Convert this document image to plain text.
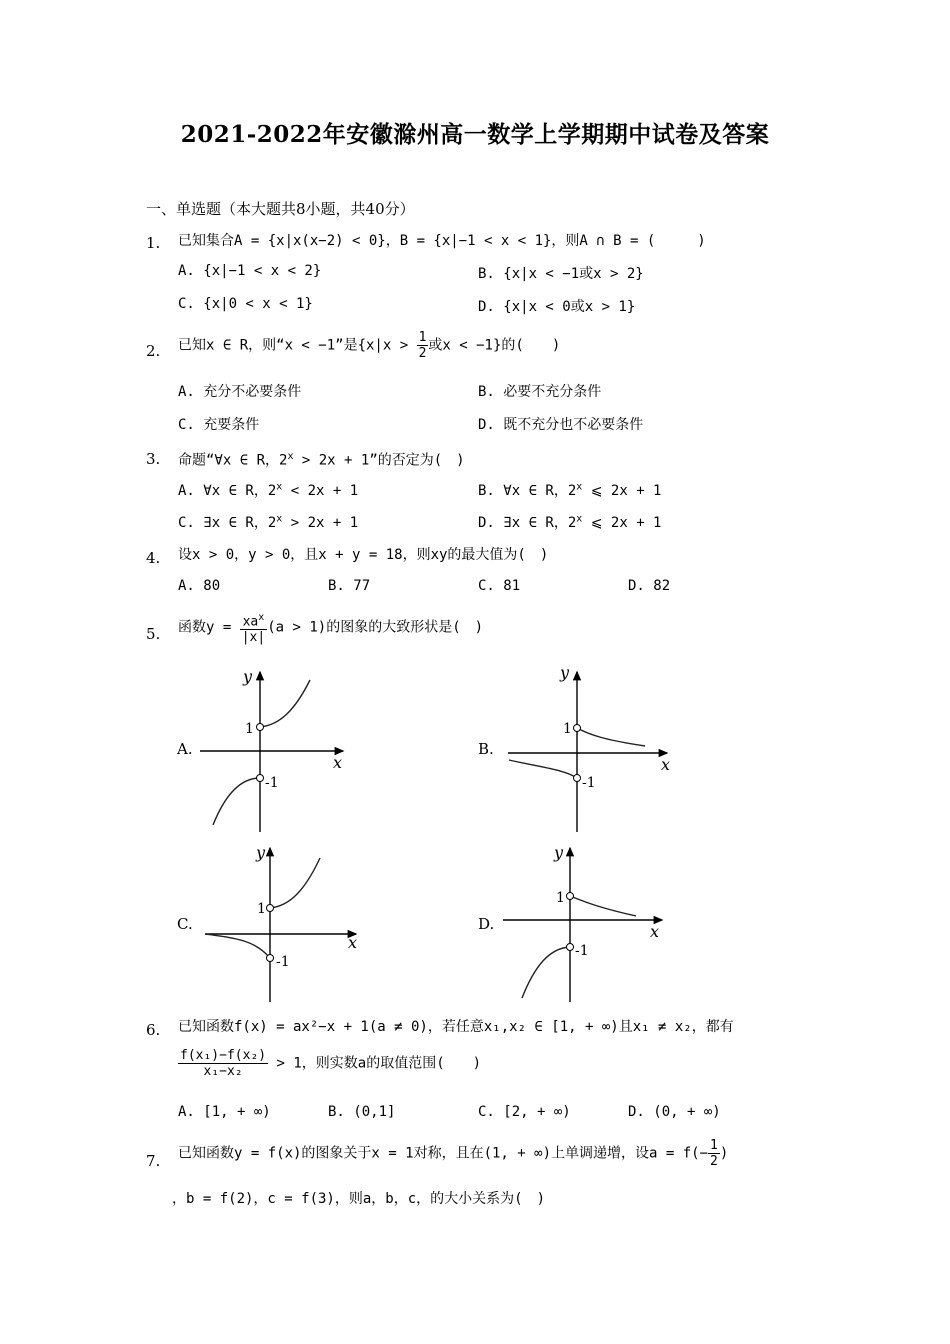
2021-2022年安徽滁州高一数学上学期期中试卷及答案
一、单选题（本大题共8小题，共40分）
1. 已知集合A = {x|x(x−2) < 0}，B = {x|−1 < x < 1}，则A ∩ B = (　　　)
A. {x|−1 < x < 2}	B. {x|x < −1或x > 2}
C. {x|0 < x < 1}	D. {x|x < 0或x > 1}
2. 已知x ∈ R，则“x < −1”是{$x|x > \frac{1}{2}$ 或x < −1}的(　　)
A. 充分不必要条件	B. 必要不充分条件
C. 充要条件	D. 既不充分也不必要条件
3. 命题“∀x ∈ R，$2^x > 2x + 1$”的否定为(　)
A. ∀x ∈ R，$2^x < 2x + 1$	B. ∀x ∈ R，2$^x$ ⩽ 2x + 1
C. ∃x ∈ R，$2^x > 2x + 1$	D. ∃x ∈ R，2$^x$ ⩽ 2x + 1
4. 设x > 0，y > 0，且x + y = 18，则xy的最大值为(　)
A. 80	B. 77	C. 81	D. 82
5. 函数$y = \frac{xa^x}{|x|} (a > 1)$的图象的大致形状是(　)
A.	B.
C.	D.
x
y
1
-1
x
y
1
-1
x
y
1
-1
x
y
1
-1
6. 已知函数f(x) = ax²−x + 1(a ≠ 0)，若任意x₁,x₂ ∈ [1, + ∞)且x₁ ≠ x₂，都有
$\frac{\text{f(x₁)−f(x₂)}}{\text{x₁−x₂}} > 1$，则实数a的取值范围(　　)
A. [1, + ∞)	B. (0,1]	C. [2, + ∞)	D. (0, + ∞)
7. 已知函数y = f(x)的图象关于x = 1对称，且在(1, + ∞)上单调递增，设$a = f(- \frac{1}{2}$ )
，b = f(2)，c = f(3)，则a，b，c，的大小关系为(　)
